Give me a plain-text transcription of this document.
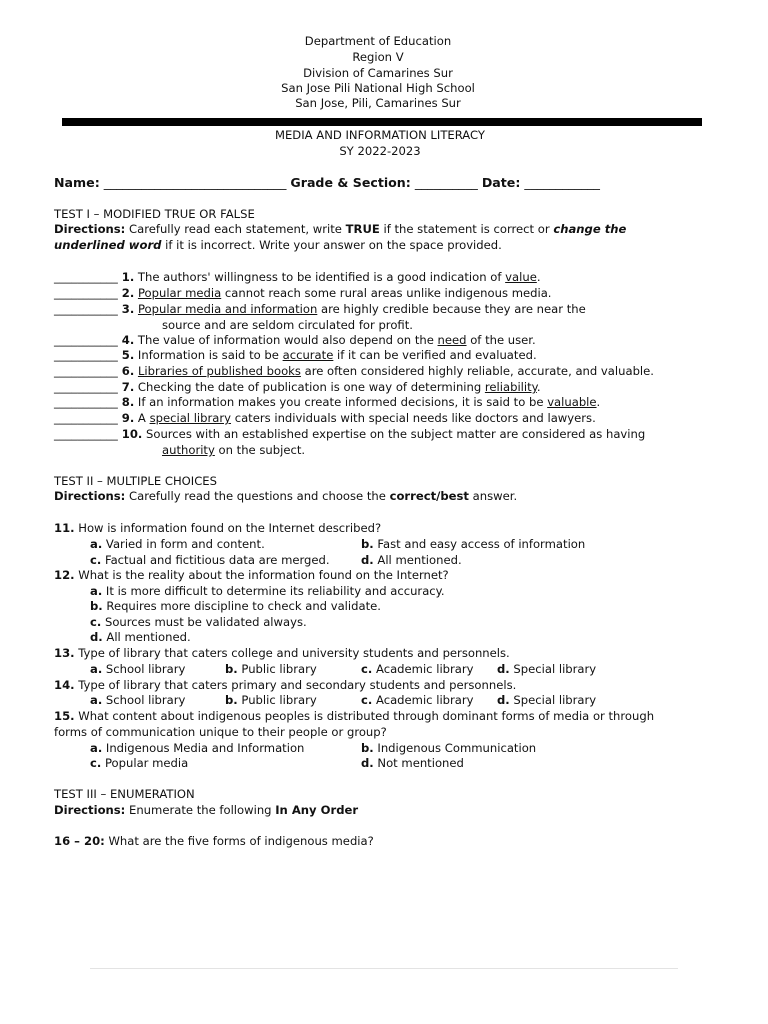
Department of Education
Region V
Division of Camarines Sur
San Jose Pili National High School
San Jose, Pili, Camarines Sur
MEDIA AND INFORMATION LITERACY
SY 2022-2023
Name: _____________________________ Grade & Section: __________ Date: ____________
TEST I – MODIFIED TRUE OR FALSE
Directions: Carefully read each statement, write TRUE if the statement is correct or change the
underlined word if it is incorrect. Write your answer on the space provided.
___________ 1. The authors' willingness to be identified is a good indication of value.
___________ 2. Popular media cannot reach some rural areas unlike indigenous media.
___________ 3. Popular media and information are highly credible because they are near the
source and are seldom circulated for profit.
___________ 4. The value of information would also depend on the need of the user.
___________ 5. Information is said to be accurate if it can be verified and evaluated.
___________ 6. Libraries of published books are often considered highly reliable, accurate, and valuable.
___________ 7. Checking the date of publication is one way of determining reliability.
___________ 8. If an information makes you create informed decisions, it is said to be valuable.
___________ 9. A special library caters individuals with special needs like doctors and lawyers.
___________ 10. Sources with an established expertise on the subject matter are considered as having
authority on the subject.
TEST II – MULTIPLE CHOICES
Directions: Carefully read the questions and choose the correct/best answer.
11. How is information found on the Internet described?
a. Varied in form and content.	b. Fast and easy access of information
c. Factual and fictitious data are merged.	d. All mentioned.
12. What is the reality about the information found on the Internet?
a. It is more difficult to determine its reliability and accuracy.
b. Requires more discipline to check and validate.
c. Sources must be validated always.
d. All mentioned.
13. Type of library that caters college and university students and personnels.
a. School library	b. Public library	c. Academic library d. Special library
14. Type of library that caters primary and secondary students and personnels.
a. School library	b. Public library	c. Academic library d. Special library
15. What content about indigenous peoples is distributed through dominant forms of media or through
forms of communication unique to their people or group?
a. Indigenous Media and Information	b. Indigenous Communication
c. Popular media	d. Not mentioned
TEST III – ENUMERATION
Directions: Enumerate the following In Any Order
16 – 20: What are the five forms of indigenous media?
